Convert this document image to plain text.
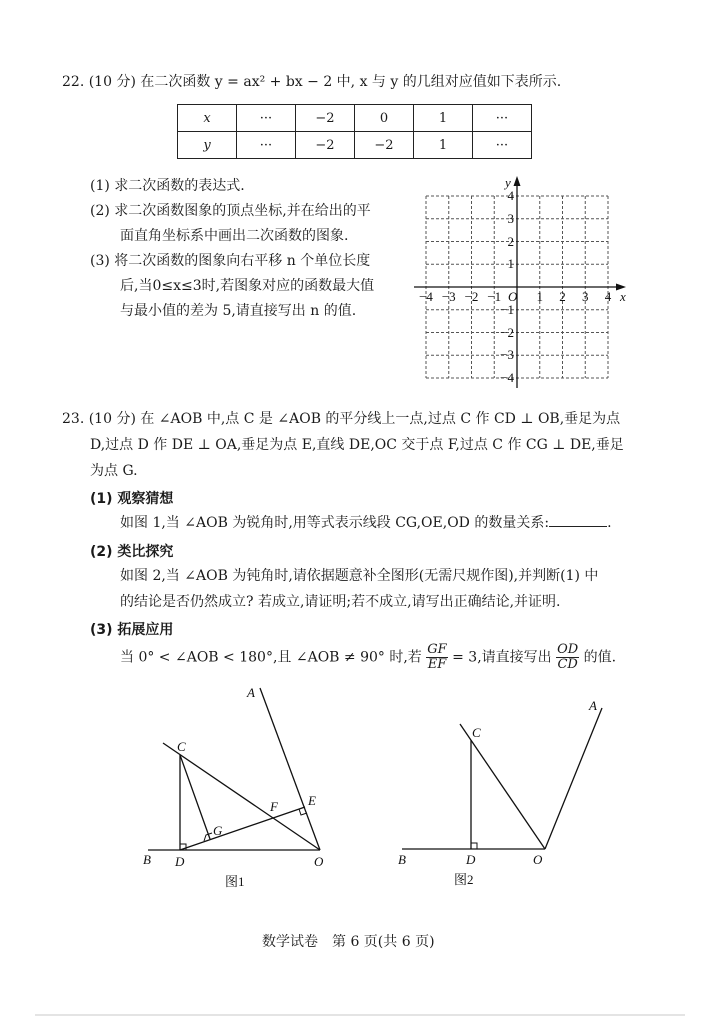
22. (10 分) 在二次函数 y = ax² + bx − 2 中, x 与 y 的几组对应值如下表所示.
x	···	−2	0	1	···
y	···	−2	−2	1	···
(1) 求二次函数的表达式.
(2) 求二次函数图象的顶点坐标,并在给出的平
面直角坐标系中画出二次函数的图象.
(3) 将二次函数的图象向右平移 n 个单位长度
后,当0≤x≤3时,若图象对应的函数最大值
与最小值的差为 5,请直接写出 n 的值.
−4 −3 −2 −1	1 2 3 4
4
3
2
1
−1
−2
−3
−4
O	x
y
23. (10 分) 在 ∠AOB 中,点 C 是 ∠AOB 的平分线上一点,过点 C 作 CD ⊥ OB,垂足为点
D,过点 D 作 DE ⊥ OA,垂足为点 E,直线 DE,OC 交于点 F,过点 C 作 CG ⊥ DE,垂足
为点 G.
(1) 观察猜想
如图 1,当 ∠AOB 为锐角时,用等式表示线段 CG,OE,OD 的数量关系:	.
(2) 类比探究
如图 2,当 ∠AOB 为钝角时,请依据题意补全图形(无需尺规作图),并判断(1) 中
的结论是否仍然成立? 若成立,请证明;若不成立,请写出正确结论,并证明.
(3) 拓展应用
当 0° < ∠AOB < 180°,且 ∠AOB ≠ 90° 时,若 $\frac{GF}{EF} = 3$,请直接写出 $\frac{OD}{CD}$ 的值.
A
B
C
D
E
F
G
O
图1
A
B
C
D	O
图2
数学试卷　第 6 页(共 6 页)
